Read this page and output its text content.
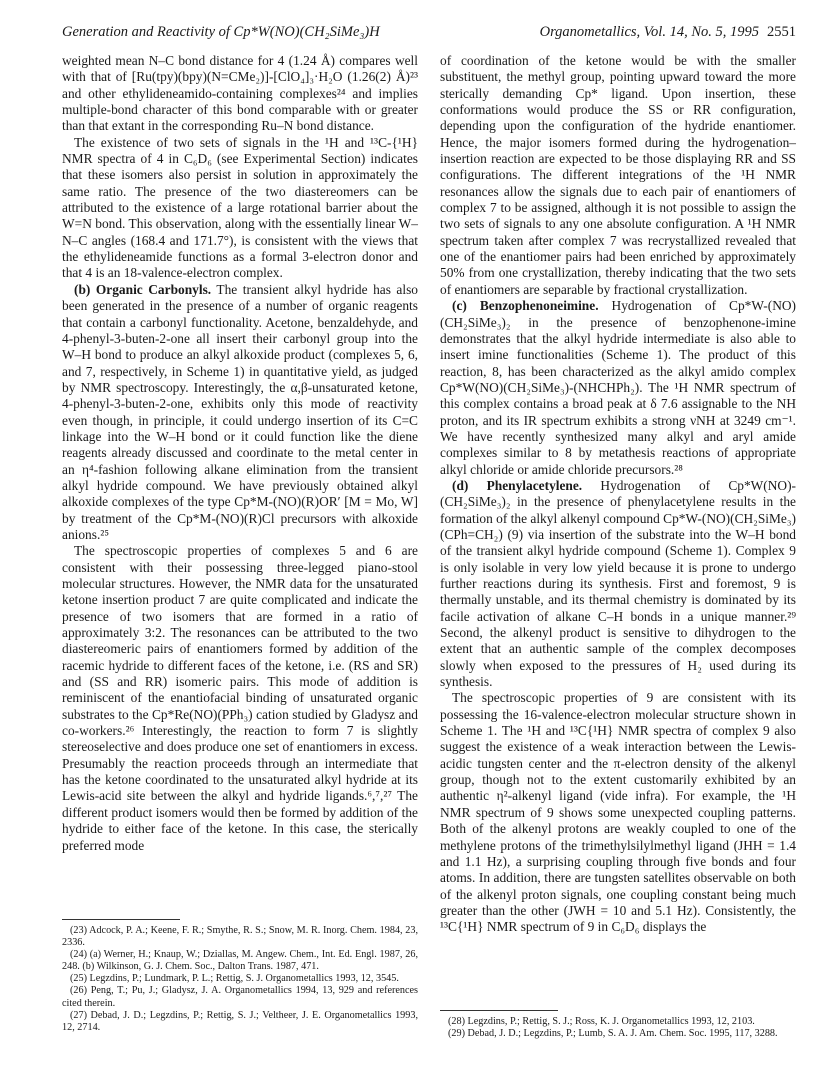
Generation and Reactivity of Cp*W(NO)(CH₂SiMe₃)H	Organometallics, Vol. 14, No. 5, 1995 2551

weighted mean N–C bond distance for 4 (1.24 Å) compares well with that of [Ru(tpy)(bpy)(N=CMe₂)]-[ClO₄]₃·H₂O (1.26(2) Å)²³ and other ethylideneamido-containing complexes²⁴ and implies multiple-bond character of this bond comparable with or greater than that extant in the corresponding Ru–N bond distance.

The existence of two sets of signals in the ¹H and ¹³C-{¹H} NMR spectra of 4 in C₆D₆ (see Experimental Section) indicates that these isomers also persist in solution in approximately the same ratio. The presence of the two diastereomers can be attributed to the existence of a large rotational barrier about the W=N bond. This observation, along with the essentially linear W–N–C angles (168.4 and 171.7°), is consistent with the views that the ethylideneamide functions as a formal 3-electron donor and that 4 is an 18-valence-electron complex.

(b) Organic Carbonyls. The transient alkyl hydride has also been generated in the presence of a number of organic reagents that contain a carbonyl functionality. Acetone, benzaldehyde, and 4-phenyl-3-buten-2-one all insert their carbonyl group into the W–H bond to produce an alkyl alkoxide product (complexes 5, 6, and 7, respectively, in Scheme 1) in quantitative yield, as judged by NMR spectroscopy. Interestingly, the α,β-unsaturated ketone, 4-phenyl-3-buten-2-one, exhibits only this mode of reactivity even though, in principle, it could undergo insertion of its C=C linkage into the W–H bond or it could function like the diene reagents already discussed and coordinate to the metal center in an η⁴-fashion following alkane elimination from the transient alkyl hydride compound. We have previously obtained alkyl alkoxide complexes of the type Cp*M-(NO)(R)OR′ [M = Mo, W] by treatment of the Cp*M-(NO)(R)Cl precursors with alkoxide anions.²⁵

The spectroscopic properties of complexes 5 and 6 are consistent with their possessing three-legged piano-stool molecular structures. However, the NMR data for the unsaturated ketone insertion product 7 are quite complicated and indicate the presence of two isomers that are formed in a ratio of approximately 3:2. The resonances can be attributed to the two diastereomeric pairs of enantiomers formed by addition of the racemic hydride to different faces of the ketone, i.e. (RS and SR) and (SS and RR) isomeric pairs. This mode of addition is reminiscent of the enantiofacial binding of unsaturated organic substrates to the Cp*Re(NO)(PPh₃) cation studied by Gladysz and co-workers.²⁶ Interestingly, the reaction to form 7 is slightly stereoselective and does produce one set of enantiomers in excess. Presumably the reaction proceeds through an intermediate that has the ketone coordinated to the unsaturated alkyl hydride at its Lewis-acid site between the alkyl and hydride ligands.⁶,⁷,²⁷ The different product isomers would then be formed by addition of the hydride to either face of the ketone. In this case, the sterically preferred mode

(23) Adcock, P. A.; Keene, F. R.; Smythe, R. S.; Snow, M. R. Inorg. Chem. 1984, 23, 2336.

(24) (a) Werner, H.; Knaup, W.; Dziallas, M. Angew. Chem., Int. Ed. Engl. 1987, 26, 248. (b) Wilkinson, G. J. Chem. Soc., Dalton Trans. 1987, 471.

(25) Legzdins, P.; Lundmark, P. L.; Rettig, S. J. Organometallics 1993, 12, 3545.

(26) Peng, T.; Pu, J.; Gladysz, J. A. Organometallics 1994, 13, 929 and references cited therein.

(27) Debad, J. D.; Legzdins, P.; Rettig, S. J.; Veltheer, J. E. Organometallics 1993, 12, 2714.

of coordination of the ketone would be with the smaller substituent, the methyl group, pointing upward toward the more sterically demanding Cp* ligand. Upon insertion, these conformations would produce the SS or RR configuration, depending upon the configuration of the hydride enantiomer. Hence, the major isomers formed during the hydrogenation–insertion reaction are expected to be those displaying RR and SS configurations. The different integrations of the ¹H NMR resonances allow the signals due to each pair of enantiomers of complex 7 to be assigned, although it is not possible to assign the two sets of signals to any one absolute configuration. A ¹H NMR spectrum taken after complex 7 was recrystallized revealed that one of the enantiomer pairs had been enriched by approximately 50% from one crystallization, thereby indicating that the two sets of enantiomers are separable by fractional crystallization.

(c) Benzophenoneimine. Hydrogenation of Cp*W-(NO)(CH₂SiMe₃)₂ in the presence of benzophenone-imine demonstrates that the alkyl hydride intermediate is also able to insert imine functionalities (Scheme 1). The product of this reaction, 8, has been characterized as the alkyl amido complex Cp*W(NO)(CH₂SiMe₃)-(NHCHPh₂). The ¹H NMR spectrum of this complex contains a broad peak at δ 7.6 assignable to the NH proton, and its IR spectrum exhibits a strong νNH at 3249 cm⁻¹. We have recently synthesized many alkyl and aryl amide complexes similar to 8 by metathesis reactions of appropriate alkyl chloride or amide chloride precursors.²⁸

(d) Phenylacetylene. Hydrogenation of Cp*W(NO)-(CH₂SiMe₃)₂ in the presence of phenylacetylene results in the formation of the alkyl alkenyl compound Cp*W-(NO)(CH₂SiMe₃)(CPh=CH₂) (9) via insertion of the substrate into the W–H bond of the transient alkyl hydride compound (Scheme 1). Complex 9 is only isolable in very low yield because it is prone to undergo further reactions during its synthesis. First and foremost, 9 is thermally unstable, and its thermal chemistry is dominated by its facile activation of alkane C–H bonds in a unique manner.²⁹ Second, the alkenyl product is sensitive to dihydrogen to the extent that an authentic sample of the complex decomposes slowly when exposed to the pressures of H₂ used during its synthesis.

The spectroscopic properties of 9 are consistent with its possessing the 16-valence-electron molecular structure shown in Scheme 1. The ¹H and ¹³C{¹H} NMR spectra of complex 9 also suggest the existence of a weak interaction between the Lewis-acidic tungsten center and the π-electron density of the alkenyl group, though not to the extent customarily exhibited by an authentic η²-alkenyl ligand (vide infra). For example, the ¹H NMR spectrum of 9 shows some unexpected coupling patterns. Both of the alkenyl protons are weakly coupled to one of the methylene protons of the trimethylsilylmethyl ligand (JHH = 1.4 and 1.1 Hz), a surprising coupling through five bonds and four atoms. In addition, there are tungsten satellites observable on both of the alkenyl proton signals, one coupling constant being much greater than the other (JWH = 10 and 5.1 Hz). Consistently, the ¹³C{¹H} NMR spectrum of 9 in C₆D₆ displays the

(28) Legzdins, P.; Rettig, S. J.; Ross, K. J. Organometallics 1993, 12, 2103.

(29) Debad, J. D.; Legzdins, P.; Lumb, S. A. J. Am. Chem. Soc. 1995, 117, 3288.
